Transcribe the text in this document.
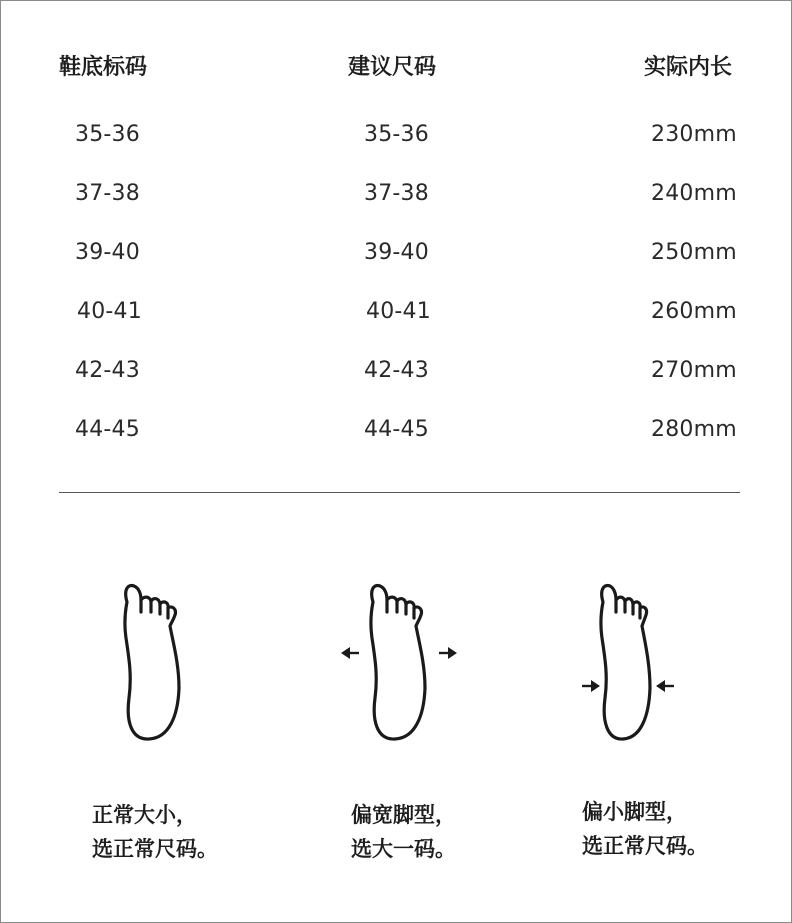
鞋底标码	建议尺码	实际内长
35-36	35-36	230mm
37-38	37-38	240mm
39-40	39-40	250mm
40-41	40-41	260mm
42-43	42-43	270mm
44-45	44-45	280mm
正常大小，
选正常尺码。
偏宽脚型，
选大一码。
偏小脚型，
选正常尺码。
